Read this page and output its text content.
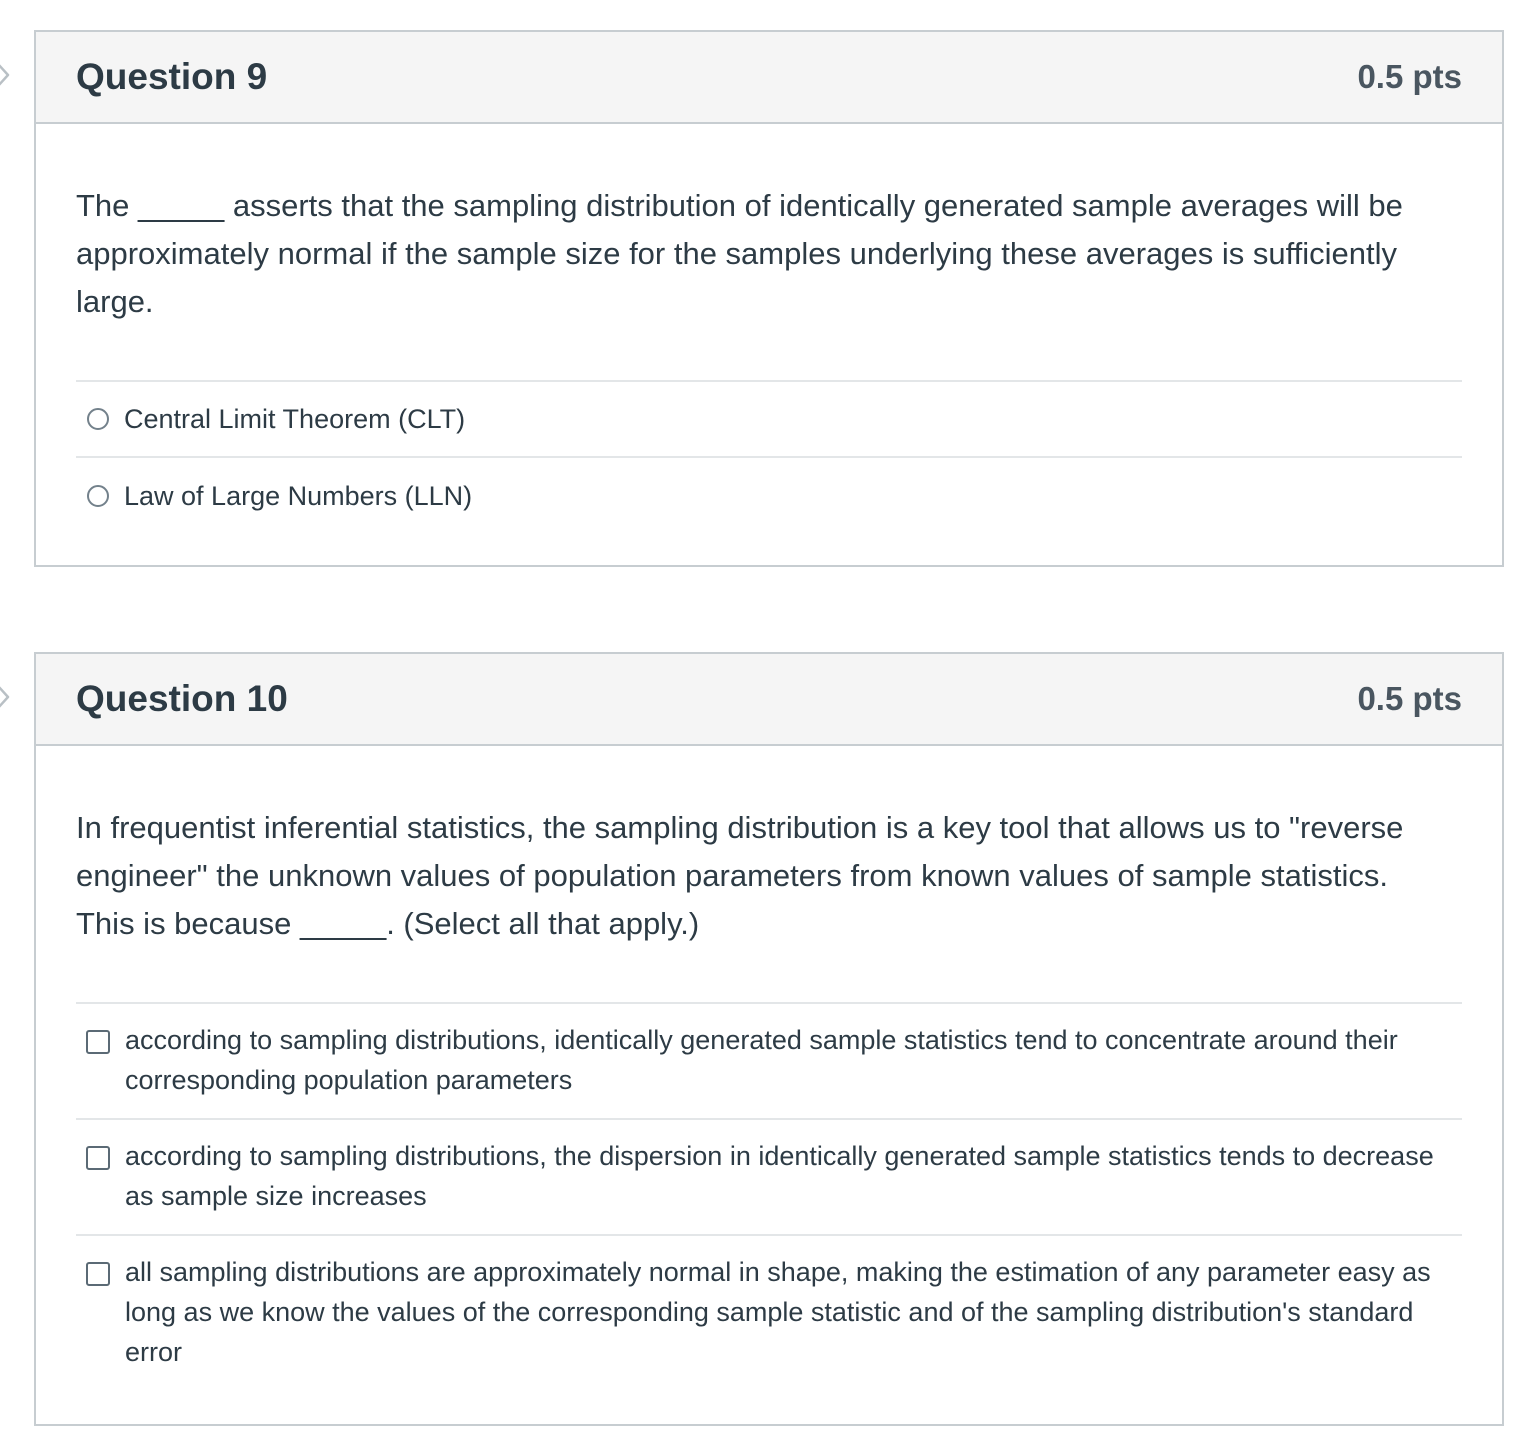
Question 9	0.5 pts

The _____ asserts that the sampling distribution of identically generated sample averages will be approximately normal if the sample size for the samples underlying these averages is sufficiently large.

Central Limit Theorem (CLT)
Law of Large Numbers (LLN)
Question 10	0.5 pts

In frequentist inferential statistics, the sampling distribution is a key tool that allows us to "reverse engineer" the unknown values of population parameters from known values of sample statistics. This is because _____. (Select all that apply.)

according to sampling distributions, identically generated sample statistics tend to concentrate around their corresponding population parameters
according to sampling distributions, the dispersion in identically generated sample statistics tends to decrease as sample size increases
all sampling distributions are approximately normal in shape, making the estimation of any parameter easy as long as we know the values of the corresponding sample statistic and of the sampling distribution's standard error
